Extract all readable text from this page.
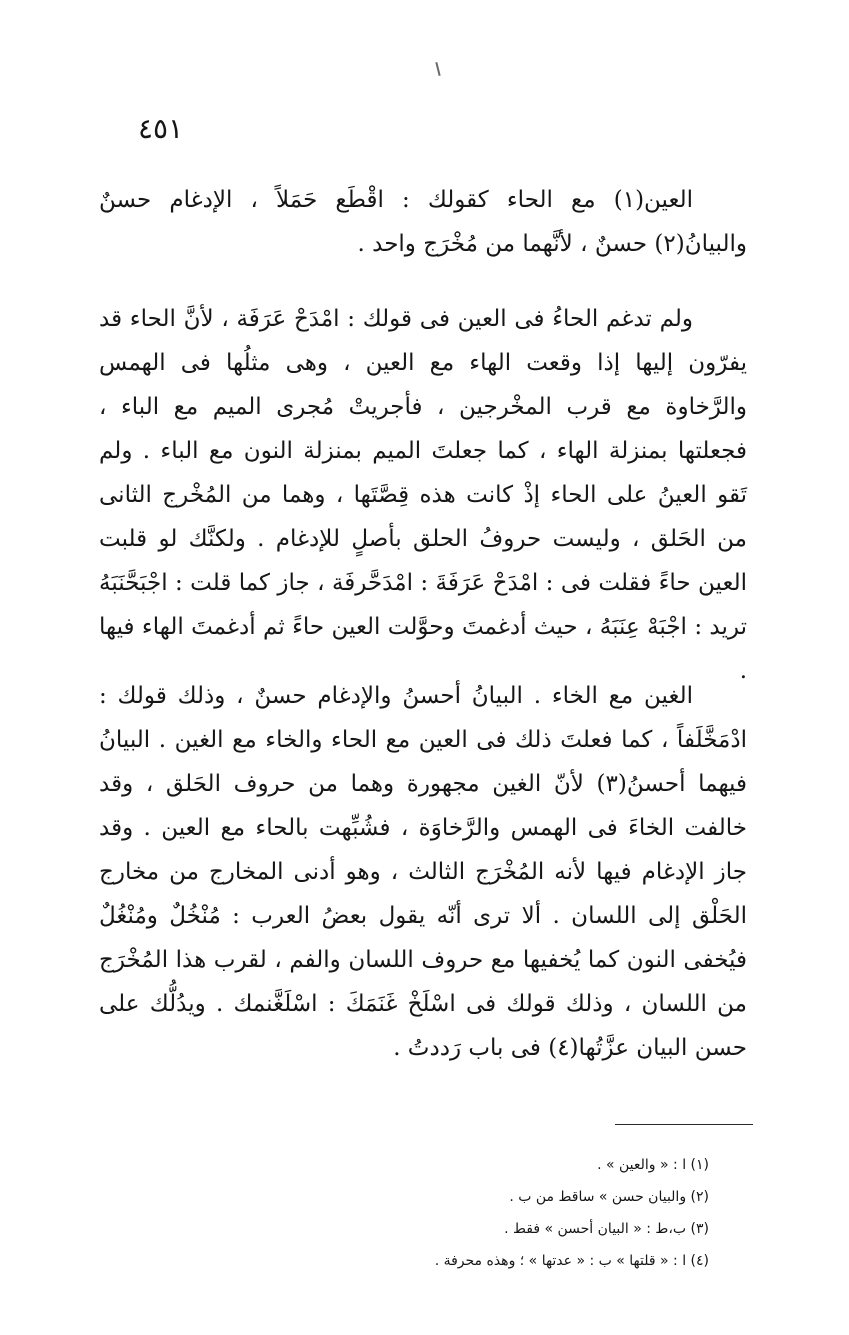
٤٥١

العين(١) مع الحاء كقولك : اقْطَع حَمَلاً ، الإدغام حسنٌ والبيانُ(٢) حسنٌ ، لأنَّهما من مُخْرَج واحد .

ولم تدغم الحاءُ فى العين فى قولك : امْدَحْ عَرَفَة ، لأنَّ الحاء قد يفرّون إليها إذا وقعت الهاء مع العين ، وهى مثلُها فى الهمس والرَّخاوة مع قرب المخْرجين ، فأجريتْ مُجرى الميم مع الباء ، فجعلتها بمنزلة الهاء ، كما جعلتَ الميم بمنزلة النون مع الباء . ولم تَقو العينُ على الحاء إذْ كانت هذه قِصَّتَها ، وهما من المُخْرج الثانى من الحَلق ، وليست حروفُ الحلق بأصلٍ للإدغام . ولكنَّك لو قلبت العين حاءً فقلت فى : امْدَحْ عَرَفَةَ : امْدَحَّرفَة ، جاز كما قلت : اجْبَحَّنَبَهُ تريد : اجْبَهْ عِنَبَهُ ، حيث أدغمتَ وحوَّلت العين حاءً ثم أدغمتَ الهاء فيها .

الغين مع الخاء . البيانُ أحسنُ والإدغام حسنٌ ، وذلك قولك : ادْمَخَّلَفاً ، كما فعلتَ ذلك فى العين مع الحاء والخاء مع الغين . البيانُ فيهما أحسنُ(٣) لأنّ الغين مجهورة وهما من حروف الحَلق ، وقد خالفت الخاءَ فى الهمس والرَّخاوَة ، فشُبِّهت بالحاء مع العين . وقد جاز الإدغام فيها لأنه المُخْرَج الثالث ، وهو أدنى المخارج من مخارج الحَلْق إلى اللسان . ألا ترى أنّه يقول بعضُ العرب : مُنْخُلٌ ومُنْغُلٌ فيُخفى النون كما يُخفيها مع حروف اللسان والفم ، لقرب هذا المُخْرَج من اللسان ، وذلك قولك فى اسْلَخْ غَنَمَكَ : اسْلَغَّنمك . ويدُلُّك على حسن البيان عزَّتُها(٤) فى باب رَددتُ .

(١) ا : « والعين » .
(٢) والبيان حسن » ساقط من ب .
(٣) ب،ط : « البيان أحسن » فقط .
(٤) ا : « قلتها » ب : « عدتها » ؛ وهذه محرفة .
